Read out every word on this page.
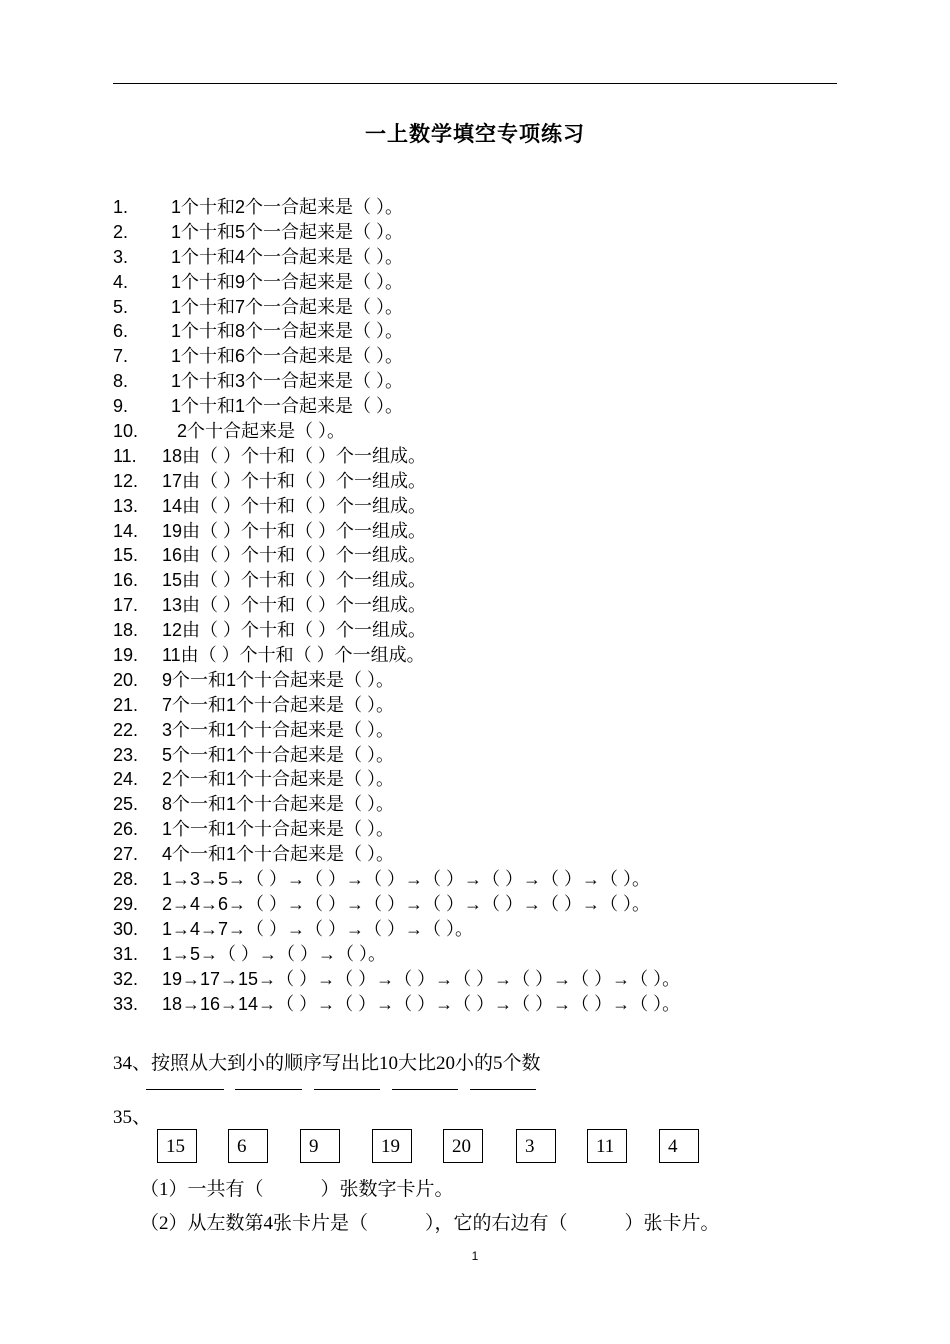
一上数学填空专项练习
1.	1个十和2个一合起来是（ ）。
2.	1个十和5个一合起来是（ ）。
3.	1个十和4个一合起来是（ ）。
4.	1个十和9个一合起来是（ ）。
5.	1个十和7个一合起来是（ ）。
6.	1个十和8个一合起来是（ ）。
7.	1个十和6个一合起来是（ ）。
8.	1个十和3个一合起来是（ ）。
9.	1个十和1个一合起来是（ ）。
10.	2个十合起来是（ ）。
11.	18由（ ）个十和（ ）个一组成。
12.	17由（ ）个十和（ ）个一组成。
13.	14由（ ）个十和（ ）个一组成。
14.	19由（ ）个十和（ ）个一组成。
15.	16由（ ）个十和（ ）个一组成。
16.	15由（ ）个十和（ ）个一组成。
17.	13由（ ）个十和（ ）个一组成。
18.	12由（ ）个十和（ ）个一组成。
19.	11由（ ）个十和（ ）个一组成。
20.	9个一和1个十合起来是（ ）。
21.	7个一和1个十合起来是（ ）。
22.	3个一和1个十合起来是（ ）。
23.	5个一和1个十合起来是（ ）。
24.	2个一和1个十合起来是（ ）。
25.	8个一和1个十合起来是（ ）。
26.	1个一和1个十合起来是（ ）。
27.	4个一和1个十合起来是（ ）。
28.	1→3→5→（ ）→（ ）→（ ）→（ ）→（ ）→（ ）→（ ）。
29.	2→4→6→（ ）→（ ）→（ ）→（ ）→（ ）→（ ）→（ ）。
30.	1→4→7→（ ）→（ ）→（ ）→（ ）。
31.	1→5→（ ）→（ ）→（ ）。
32.	19→17→15→（ ）→（ ）→（ ）→（ ）→（ ）→（ ）→（ ）。
33.	18→16→14→（ ）→（ ）→（ ）→（ ）→（ ）→（ ）→（ ）。
34、按照从大到小的顺序写出比10大比20小的5个数
35、
15	6	9	19	20	3	11	4
（1）一共有（　　　）张数字卡片。
（2）从左数第4张卡片是（　　　），它的右边有（　　　）张卡片。
1
